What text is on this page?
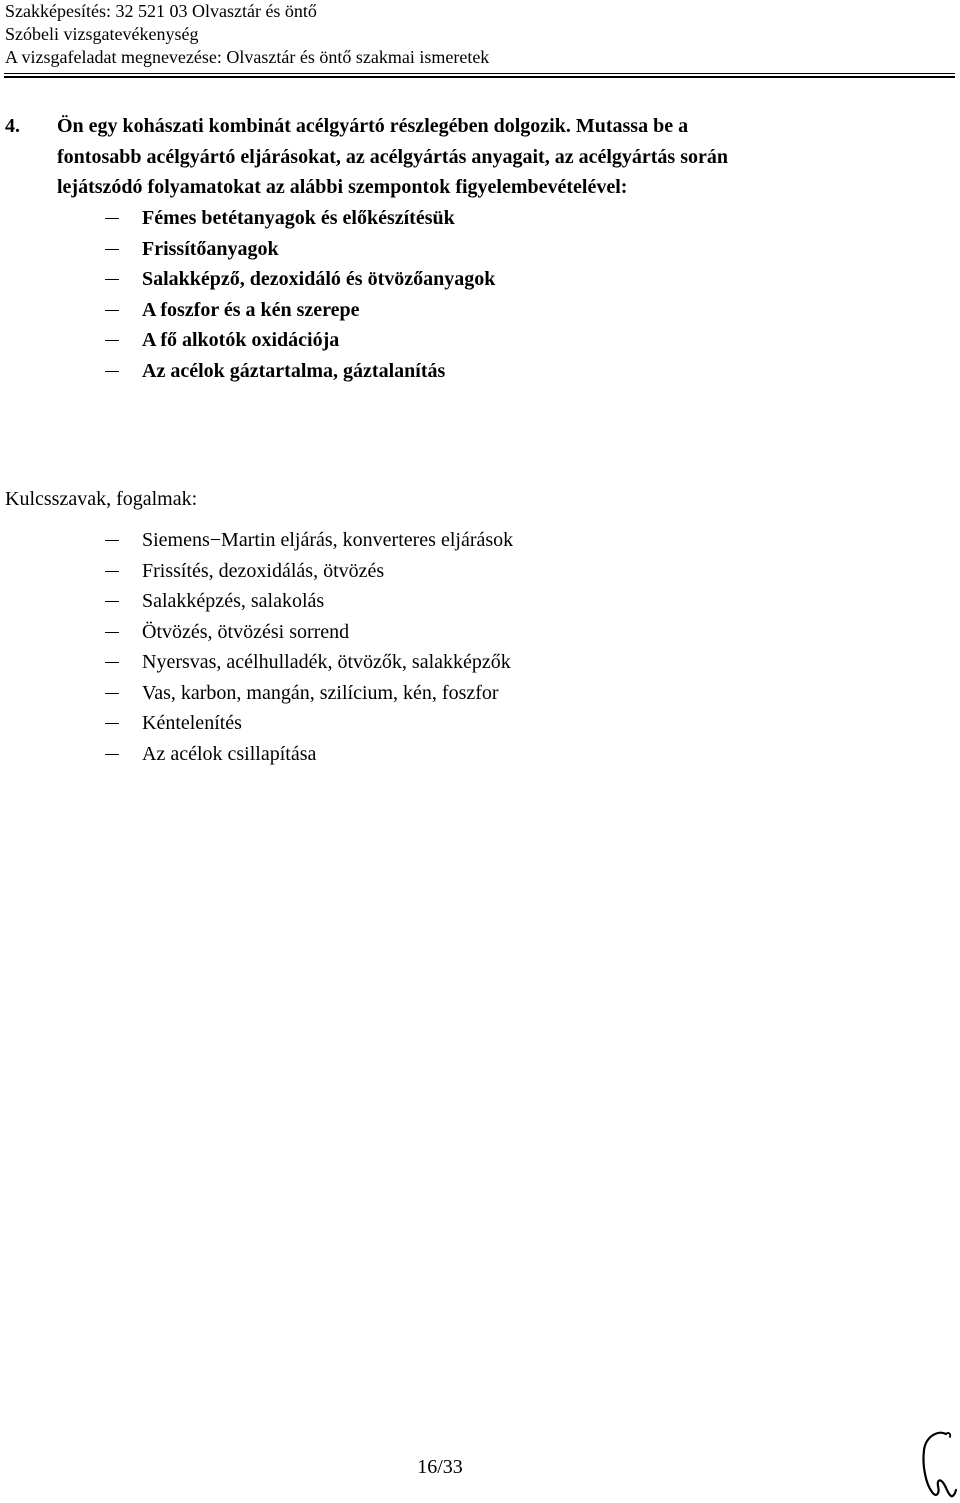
Szakképesítés: 32 521 03 Olvasztár és öntő
Szóbeli vizsgatevékenység
A vizsgafeladat megnevezése: Olvasztár és öntő szakmai ismeretek
4. Ön egy kohászati kombinát acélgyártó részlegében dolgozik. Mutassa be a
fontosabb acélgyártó eljárásokat, az acélgyártás anyagait, az acélgyártás során
lejátszódó folyamatokat az alábbi szempontok figyelembevételével:
Fémes betétanyagok és előkészítésük
Frissítőanyagok
Salakképző, dezoxidáló és ötvözőanyagok
A foszfor és a kén szerepe
A fő alkotók oxidációja
Az acélok gáztartalma, gáztalanítás
Kulcsszavak, fogalmak:
Siemens−Martin eljárás, konverteres eljárások
Frissítés, dezoxidálás, ötvözés
Salakképzés, salakolás
Ötvözés, ötvözési sorrend
Nyersvas, acélhulladék, ötvözők, salakképzők
Vas, karbon, mangán, szilícium, kén, foszfor
Kéntelenítés
Az acélok csillapítása
16/33
